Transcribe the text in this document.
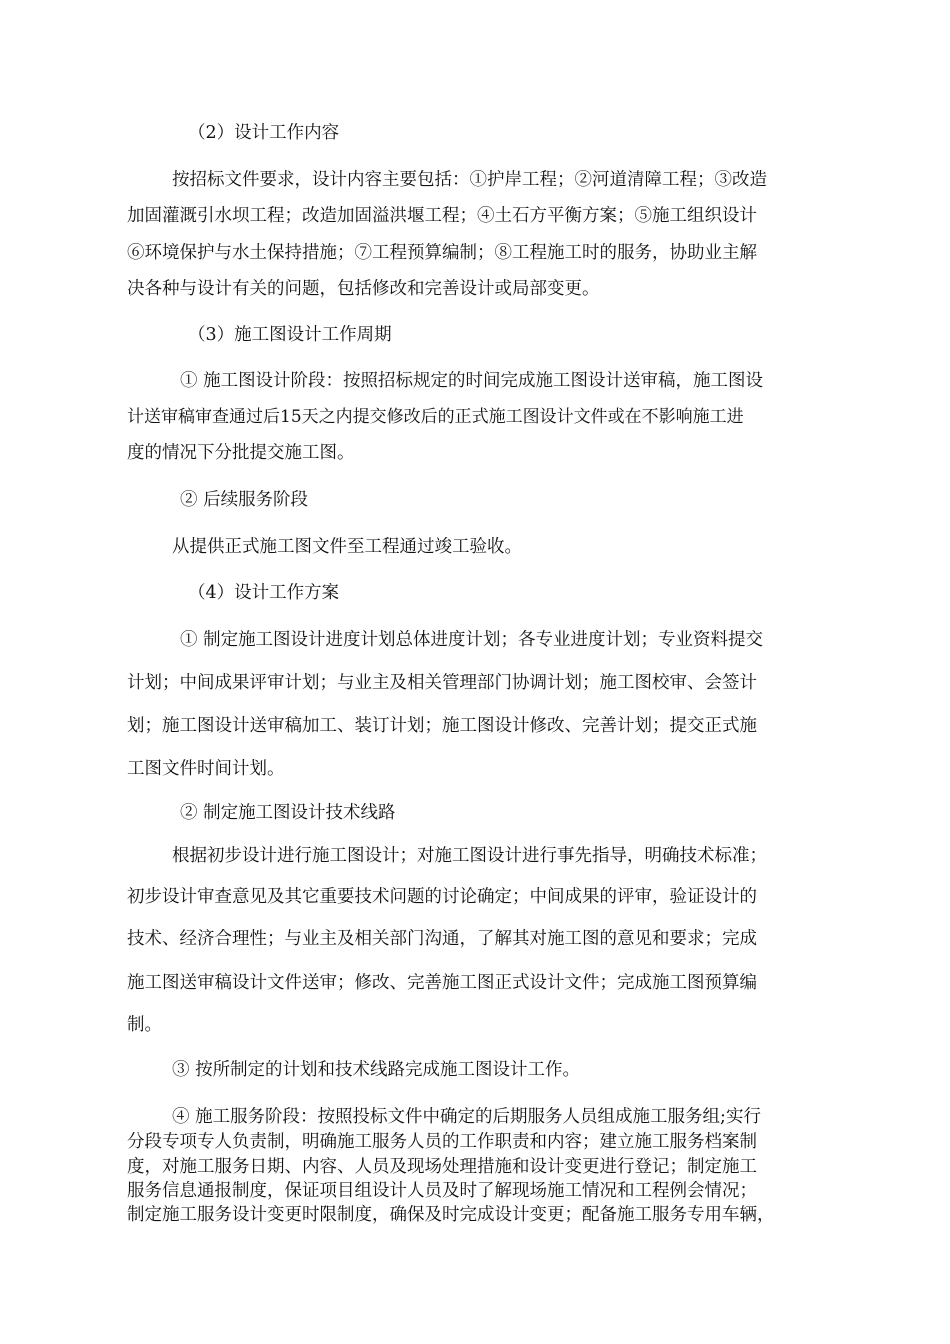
（2）设计工作内容

按招标文件要求，设计内容主要包括：①护岸工程；②河道清障工程；③改造

加固灌溉引水坝工程；改造加固溢洪堰工程；④土石方平衡方案；⑤施工组织设计

⑥环境保护与水土保持措施；⑦工程预算编制；⑧工程施工时的服务，协助业主解

决各种与设计有关的问题，包括修改和完善设计或局部变更。

（3）施工图设计工作周期

① 施工图设计阶段：按照招标规定的时间完成施工图设计送审稿，施工图设

计送审稿审查通过后15天之内提交修改后的正式施工图设计文件或在不影响施工进

度的情况下分批提交施工图。

② 后续服务阶段

从提供正式施工图文件至工程通过竣工验收。

（4）设计工作方案

① 制定施工图设计进度计划总体进度计划；各专业进度计划；专业资料提交

计划；中间成果评审计划；与业主及相关管理部门协调计划；施工图校审、会签计

划；施工图设计送审稿加工、装订计划；施工图设计修改、完善计划；提交正式施

工图文件时间计划。

② 制定施工图设计技术线路

根据初步设计进行施工图设计；对施工图设计进行事先指导，明确技术标准；

初步设计审查意见及其它重要技术问题的讨论确定；中间成果的评审，验证设计的

技术、经济合理性；与业主及相关部门沟通，了解其对施工图的意见和要求；完成

施工图送审稿设计文件送审；修改、完善施工图正式设计文件；完成施工图预算编

制。

③ 按所制定的计划和技术线路完成施工图设计工作。

④ 施工服务阶段：按照投标文件中确定的后期服务人员组成施工服务组;实行

分段专项专人负责制，明确施工服务人员的工作职责和内容；建立施工服务档案制

度，对施工服务日期、内容、人员及现场处理措施和设计变更进行登记；制定施工

服务信息通报制度，保证项目组设计人员及时了解现场施工情况和工程例会情况；

制定施工服务设计变更时限制度，确保及时完成设计变更；配备施工服务专用车辆，
